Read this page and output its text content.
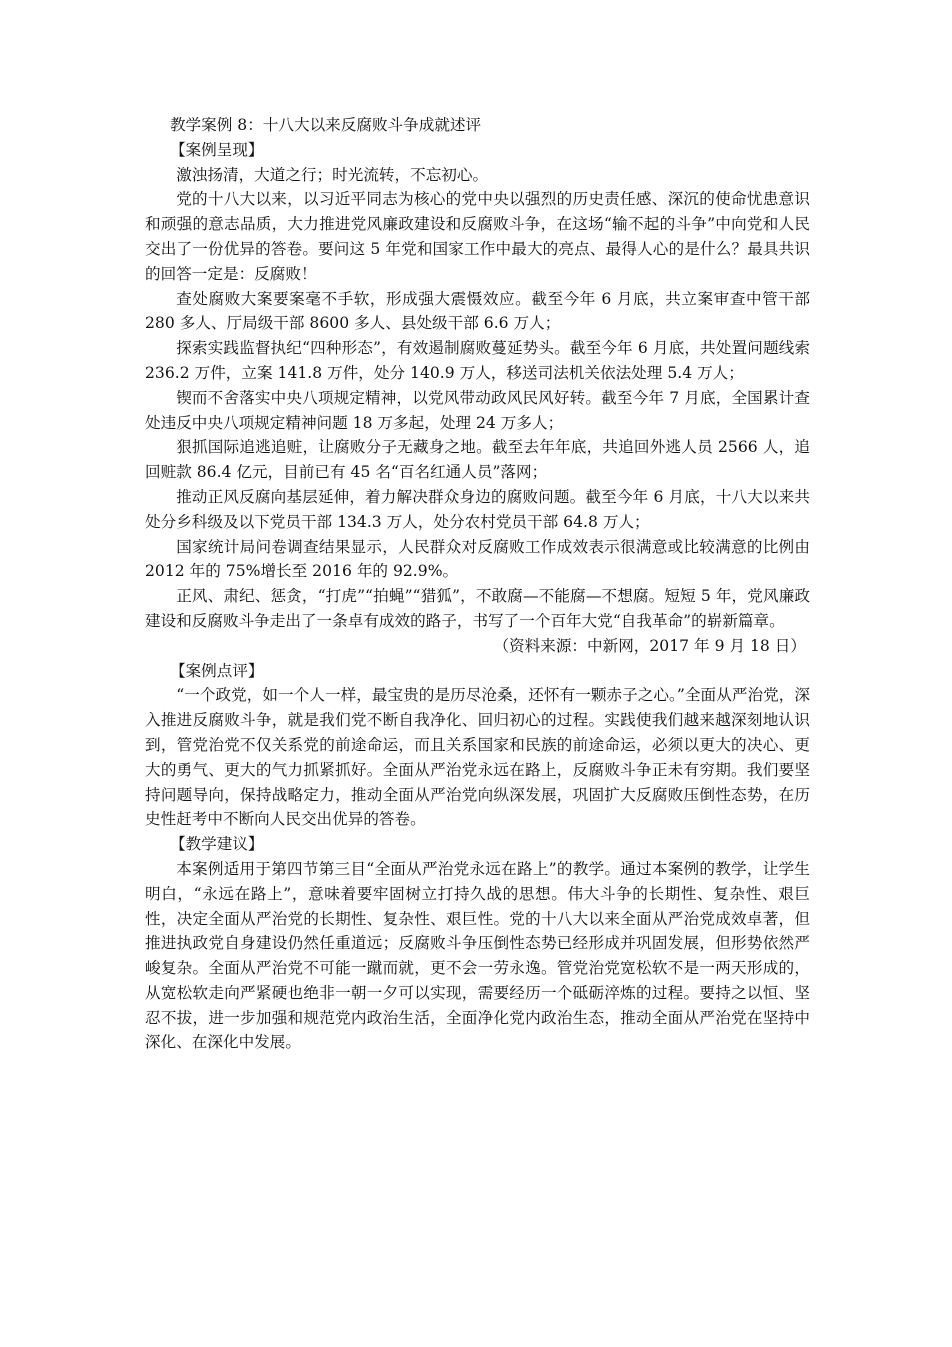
教学案例 8：十八大以来反腐败斗争成就述评

【案例呈现】

激浊扬清，大道之行；时光流转，不忘初心。

党的十八大以来，以习近平同志为核心的党中央以强烈的历史责任感、深沉的使命忧患意识和顽强的意志品质，大力推进党风廉政建设和反腐败斗争，在这场“输不起的斗争”中向党和人民交出了一份优异的答卷。要问这 5 年党和国家工作中最大的亮点、最得人心的是什么？最具共识的回答一定是：反腐败！

查处腐败大案要案毫不手软，形成强大震慑效应。截至今年 6 月底，共立案审查中管干部 280 多人、厅局级干部 8600 多人、县处级干部 6.6 万人；

探索实践监督执纪“四种形态”，有效遏制腐败蔓延势头。截至今年 6 月底，共处置问题线索 236.2 万件，立案 141.8 万件，处分 140.9 万人，移送司法机关依法处理 5.4 万人；

锲而不舍落实中央八项规定精神，以党风带动政风民风好转。截至今年 7 月底，全国累计查处违反中央八项规定精神问题 18 万多起，处理 24 万多人；

狠抓国际追逃追赃，让腐败分子无藏身之地。截至去年年底，共追回外逃人员 2566 人，追回赃款 86.4 亿元，目前已有 45 名“百名红通人员”落网；

推动正风反腐向基层延伸，着力解决群众身边的腐败问题。截至今年 6 月底，十八大以来共处分乡科级及以下党员干部 134.3 万人，处分农村党员干部 64.8 万人；

国家统计局问卷调查结果显示，人民群众对反腐败工作成效表示很满意或比较满意的比例由 2012 年的 75%增长至 2016 年的 92.9%。

正风、肃纪、惩贪，“打虎”“拍蝇”“猎狐”，不敢腐—不能腐—不想腐。短短 5 年，党风廉政建设和反腐败斗争走出了一条卓有成效的路子，书写了一个百年大党“自我革命”的崭新篇章。

（资料来源：中新网，2017 年 9 月 18 日）

【案例点评】

“一个政党，如一个人一样，最宝贵的是历尽沧桑，还怀有一颗赤子之心。”全面从严治党，深入推进反腐败斗争，就是我们党不断自我净化、回归初心的过程。实践使我们越来越深刻地认识到，管党治党不仅关系党的前途命运，而且关系国家和民族的前途命运，必须以更大的决心、更大的勇气、更大的气力抓紧抓好。全面从严治党永远在路上，反腐败斗争正未有穷期。我们要坚持问题导向，保持战略定力，推动全面从严治党向纵深发展，巩固扩大反腐败压倒性态势，在历史性赶考中不断向人民交出优异的答卷。

【教学建议】

本案例适用于第四节第三目“全面从严治党永远在路上”的教学。通过本案例的教学，让学生明白，“永远在路上”，意味着要牢固树立打持久战的思想。伟大斗争的长期性、复杂性、艰巨性，决定全面从严治党的长期性、复杂性、艰巨性。党的十八大以来全面从严治党成效卓著，但推进执政党自身建设仍然任重道远；反腐败斗争压倒性态势已经形成并巩固发展，但形势依然严峻复杂。全面从严治党不可能一蹴而就，更不会一劳永逸。管党治党宽松软不是一两天形成的，从宽松软走向严紧硬也绝非一朝一夕可以实现，需要经历一个砥砺淬炼的过程。要持之以恒、坚忍不拔，进一步加强和规范党内政治生活，全面净化党内政治生态，推动全面从严治党在坚持中深化、在深化中发展。
